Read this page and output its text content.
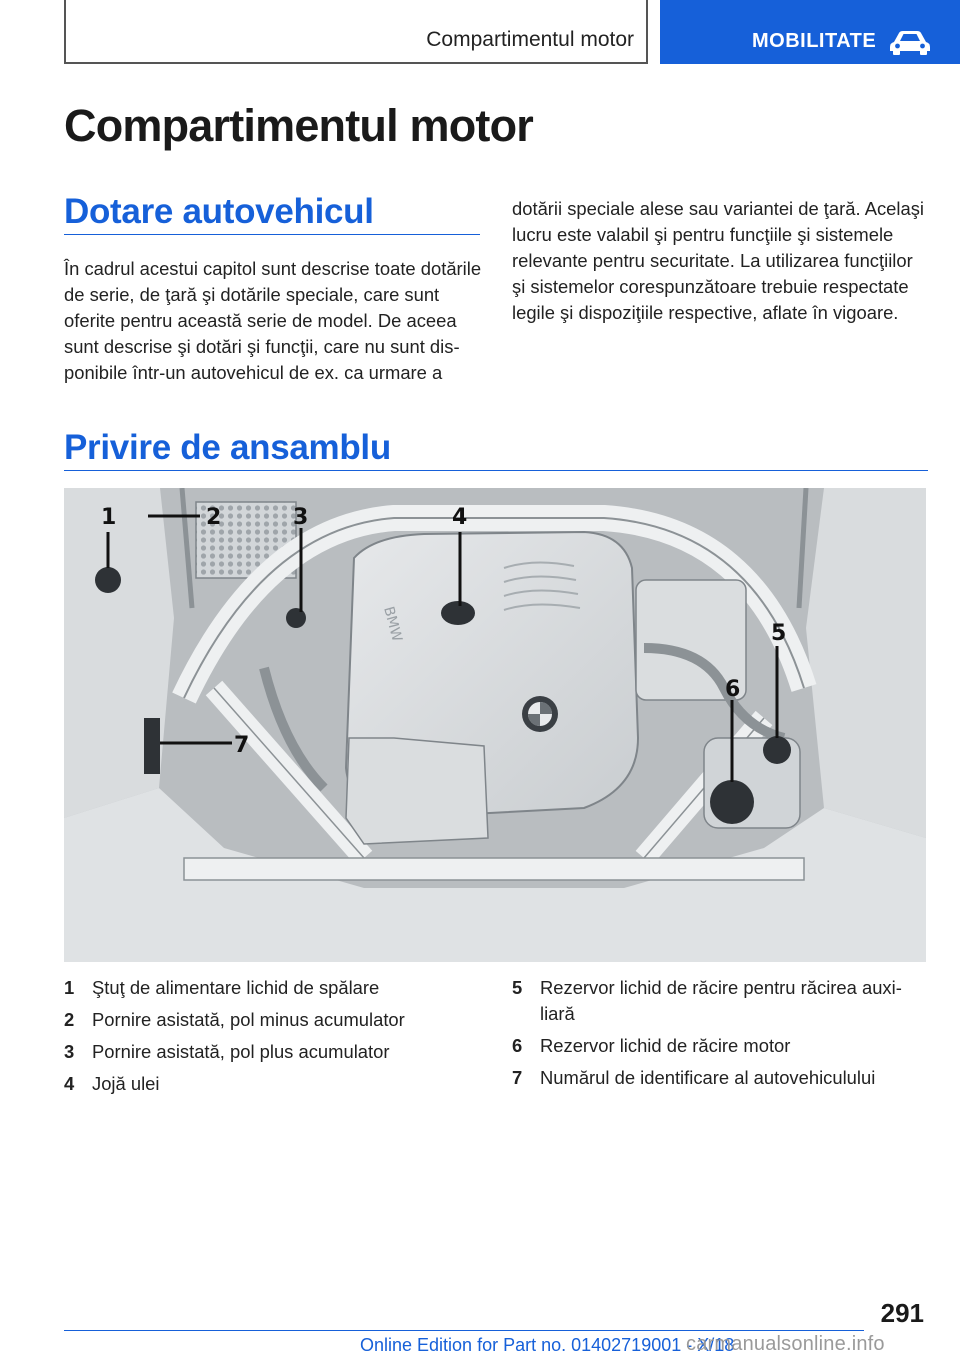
Compartimentul motor	MOBILITATE
Compartimentul motor
Dotare autovehicul

În cadrul acestui capitol sunt descrise toate dotările de serie, de ţară şi dotările speciale, care sunt oferite pentru această serie de model. De aceea sunt descrise şi dotări şi funcţii, care nu sunt disponibile într‑un autovehicul de ex. ca urmare a

dotării speciale alese sau variantei de ţară. Acelaşi lucru este valabil şi pentru funcţiile şi sistemele relevante pentru securitate. La utilizarea funcţiilor şi sistemelor corespunzătoare trebuie respectate legile şi dispoziţiile respective, aflate în vigoare.

Privire de ansamblu
BMW
1	2	3	4
5
6
7
1 Ştuţ de alimentare lichid de spălare
2 Pornire asistată, pol minus acumulator
3 Pornire asistată, pol plus acumulator
4 Jojă ulei
5 Rezervor lichid de răcire pentru răcirea auxiliară
6 Rezervor lichid de răcire motor
7 Numărul de identificare al autovehiculului
291
Online Edition for Part no. 01402719001 - X/18
carmanualsonline.info
